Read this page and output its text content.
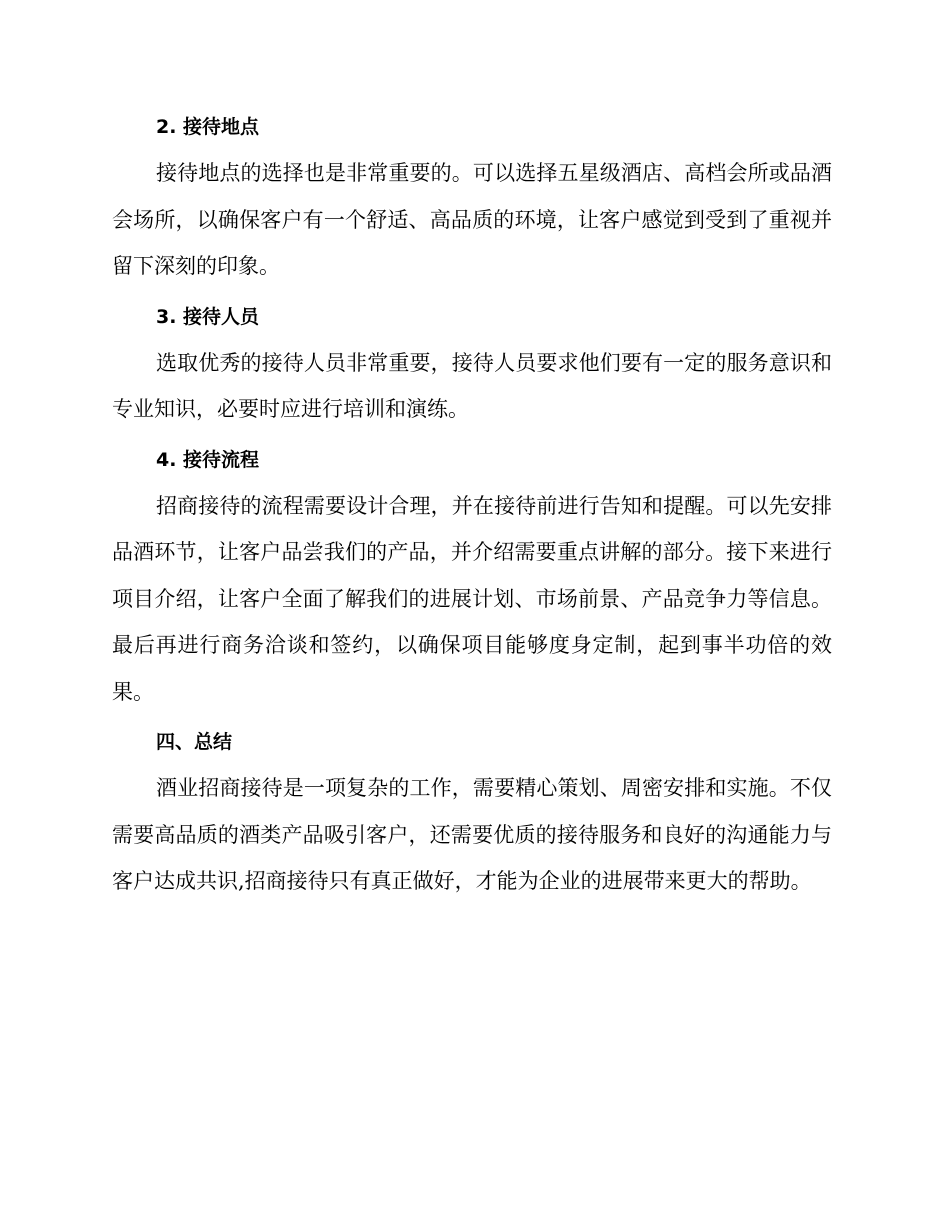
2. 接待地点

接待地点的选择也是非常重要的。可以选择五星级酒店、高档会所或品酒会场所，以确保客户有一个舒适、高品质的环境，让客户感觉到受到了重视并留下深刻的印象。

3. 接待人员

选取优秀的接待人员非常重要，接待人员要求他们要有一定的服务意识和专业知识，必要时应进行培训和演练。

4. 接待流程

招商接待的流程需要设计合理，并在接待前进行告知和提醒。可以先安排品酒环节，让客户品尝我们的产品，并介绍需要重点讲解的部分。接下来进行项目介绍，让客户全面了解我们的进展计划、市场前景、产品竞争力等信息。最后再进行商务洽谈和签约，以确保项目能够度身定制，起到事半功倍的效果。

四、总结

酒业招商接待是一项复杂的工作，需要精心策划、周密安排和实施。不仅需要高品质的酒类产品吸引客户，还需要优质的接待服务和良好的沟通能力与客户达成共识,招商接待只有真正做好，才能为企业的进展带来更大的帮助。
